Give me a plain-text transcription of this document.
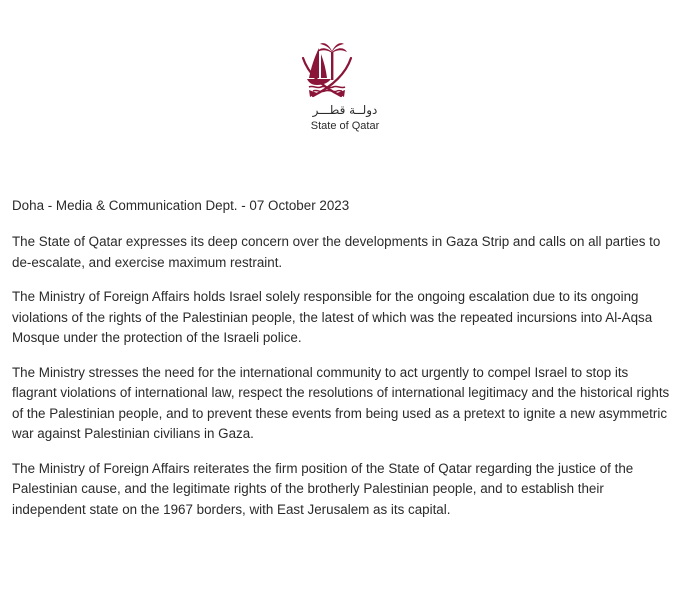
دولــة قطـــر
State of Qatar

Doha - Media & Communication Dept. - 07 October 2023

The State of Qatar expresses its deep concern over the developments in Gaza Strip and calls on all parties to de-escalate, and exercise maximum restraint.

The Ministry of Foreign Affairs holds Israel solely responsible for the ongoing escalation due to its ongoing violations of the rights of the Palestinian people, the latest of which was the repeated incursions into Al-Aqsa Mosque under the protection of the Israeli police.

The Ministry stresses the need for the international community to act urgently to compel Israel to stop its flagrant violations of international law, respect the resolutions of international legitimacy and the historical rights of the Palestinian people, and to prevent these events from being used as a pretext to ignite a new asymmetric war against Palestinian civilians in Gaza.

The Ministry of Foreign Affairs reiterates the firm position of the State of Qatar regarding the justice of the Palestinian cause, and the legitimate rights of the brotherly Palestinian people, and to establish their independent state on the 1967 borders, with East Jerusalem as its capital.
